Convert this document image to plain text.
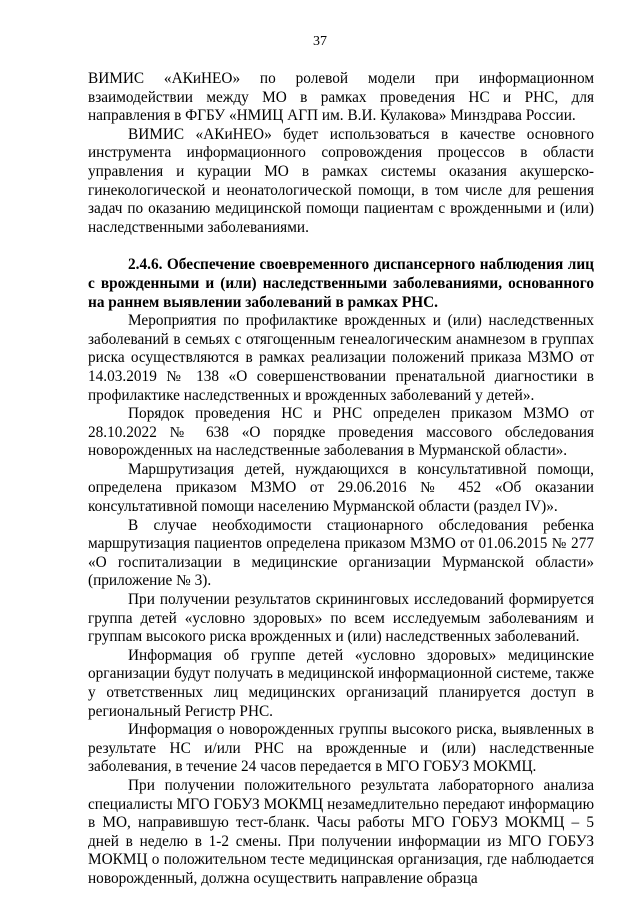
37

ВИМИС «АКиНЕО» по ролевой модели при информационном взаимодействии между МО в рамках проведения НС и РНС, для направления в ФГБУ «НМИЦ АГП им. В.И. Кулакова» Минздрава России.

ВИМИС «АКиНЕО» будет использоваться в качестве основного инструмента информационного сопровождения процессов в области управления и курации МО в рамках системы оказания акушерско-гинекологической и неонатологической помощи, в том числе для решения задач по оказанию медицинской помощи пациентам с врожденными и (или) наследственными заболеваниями.

2.4.6. Обеспечение своевременного диспансерного наблюдения лиц с врожденными и (или) наследственными заболеваниями, основанного на раннем выявлении заболеваний в рамках РНС.

Мероприятия по профилактике врожденных и (или) наследственных заболеваний в семьях с отягощенным генеалогическим анамнезом в группах риска осуществляются в рамках реализации положений приказа МЗМО от 14.03.2019 № 138 «О совершенствовании пренатальной диагностики в профилактике наследственных и врожденных заболеваний у детей».

Порядок проведения НС и РНС определен приказом МЗМО от 28.10.2022 № 638 «О порядке проведения массового обследования новорожденных на наследственные заболевания в Мурманской области».

Маршрутизация детей, нуждающихся в консультативной помощи, определена приказом МЗМО от 29.06.2016 № 452 «Об оказании консультативной помощи населению Мурманской области (раздел IV)».

В случае необходимости стационарного обследования ребенка маршрутизация пациентов определена приказом МЗМО от 01.06.2015 № 277 «О госпитализации в медицинские организации Мурманской области» (приложение № 3).

При получении результатов скрининговых исследований формируется группа детей «условно здоровых» по всем исследуемым заболеваниям и группам высокого риска врожденных и (или) наследственных заболеваний.

Информация об группе детей «условно здоровых» медицинские организации будут получать в медицинской информационной системе, также у ответственных лиц медицинских организаций планируется доступ в региональный Регистр РНС.

Информация о новорожденных группы высокого риска, выявленных в результате НС и/или РНС на врожденные и (или) наследственные заболевания, в течение 24 часов передается в МГО ГОБУЗ МОКМЦ.

При получении положительного результата лабораторного анализа специалисты МГО ГОБУЗ МОКМЦ незамедлительно передают информацию в МО, направившую тест-бланк. Часы работы МГО ГОБУЗ МОКМЦ – 5 дней в неделю в 1-2 смены. При получении информации из МГО ГОБУЗ МОКМЦ о положительном тесте медицинская организация, где наблюдается новорожденный, должна осуществить направление образца
